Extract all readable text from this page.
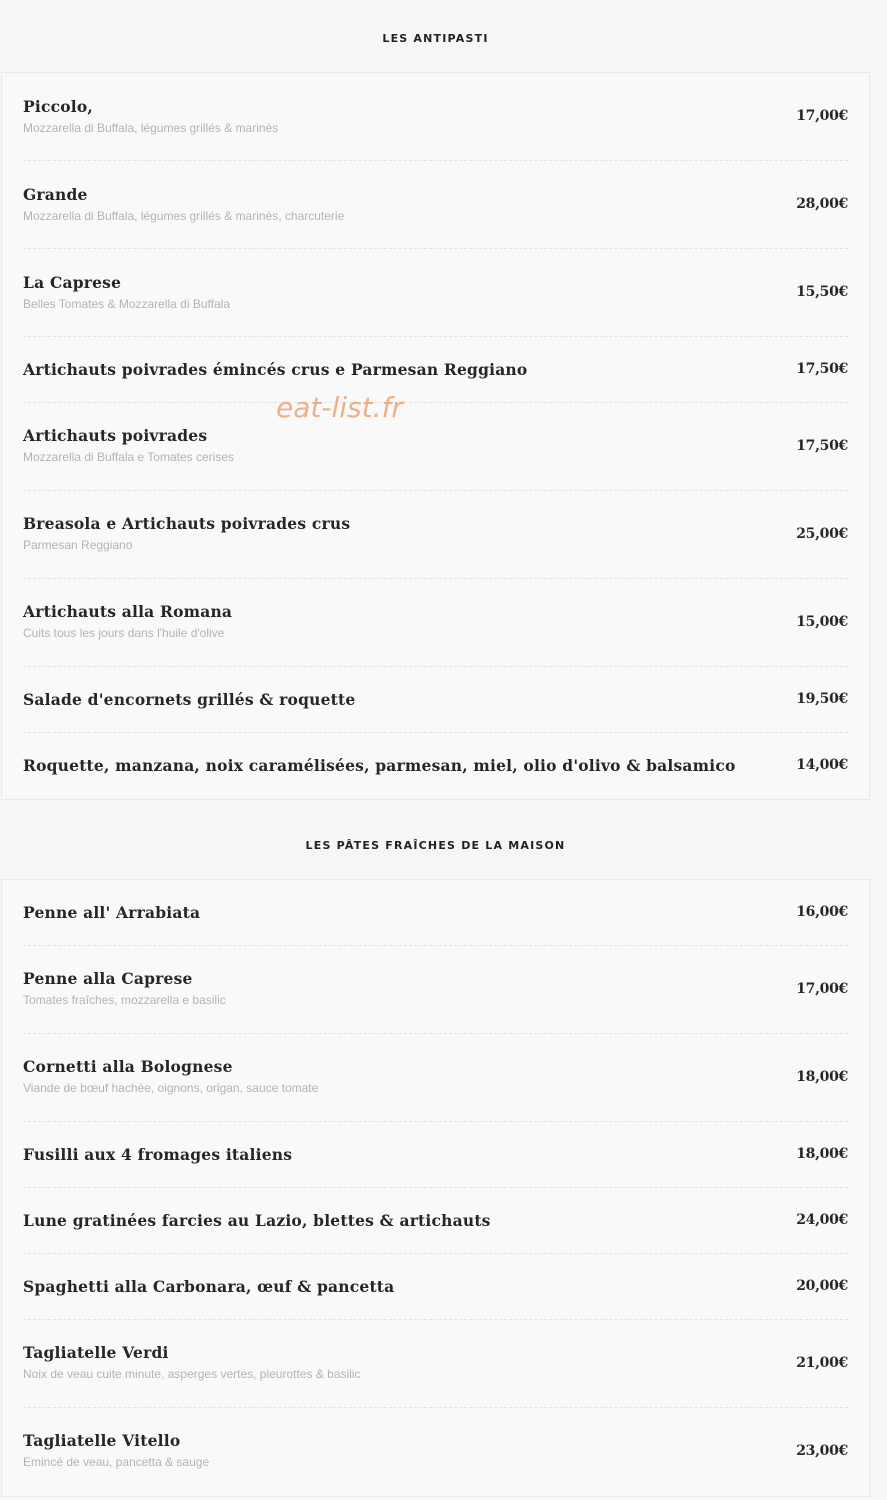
LES ANTIPASTI
Piccolo,
Mozzarella di Buffala, légumes grillés & marinés
17,00€
Grande
Mozzarella di Buffala, légumes grillés & marinés, charcuterie
28,00€
La Caprese
Belles Tomates & Mozzarella di Buffala
15,50€
Artichauts poivrades émincés crus e Parmesan Reggiano	17,50€
Artichauts poivrades
Mozzarella di Buffala e Tomates cerises
17,50€
Breasola e Artichauts poivrades crus
Parmesan Reggiano
25,00€
Artichauts alla Romana
Cuits tous les jours dans l'huile d'olive
15,00€
Salade d'encornets grillés & roquette	19,50€
Roquette, manzana, noix caramélisées, parmesan, miel, olio d'olivo & balsamico	14,00€
LES PÂTES FRAÎCHES DE LA MAISON
Penne all' Arrabiata	16,00€
Penne alla Caprese
Tomates fraîches, mozzarella e basilic
17,00€
Cornetti alla Bolognese
Viande de bœuf hachée, oignons, origan, sauce tomate
18,00€
Fusilli aux 4 fromages italiens	18,00€
Lune gratinées farcies au Lazio, blettes & artichauts	24,00€
Spaghetti alla Carbonara, œuf & pancetta	20,00€
Tagliatelle Verdi
Noix de veau cuite minute, asperges vertes, pleurottes & basilic
21,00€
Tagliatelle Vitello
Emincé de veau, pancetta & sauge
23,00€
eat-list.fr
